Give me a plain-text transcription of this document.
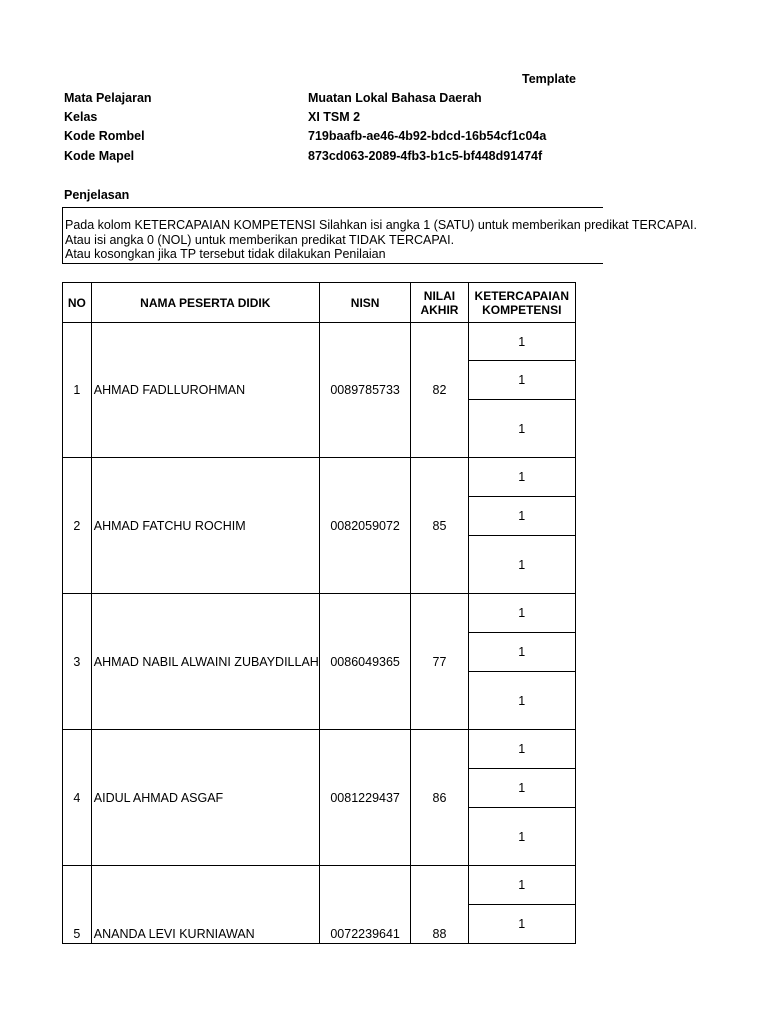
Template
Mata Pelajaran	Muatan Lokal Bahasa Daerah
Kelas	XI TSM 2
Kode Rombel	719baafb-ae46-4b92-bdcd-16b54cf1c04a
Kode Mapel	873cd063-2089-4fb3-b1c5-bf448d91474f
Penjelasan
Pada kolom KETERCAPAIAN KOMPETENSI Silahkan isi angka 1 (SATU) untuk memberikan predikat TERCAPAI.
Atau isi angka 0 (NOL) untuk memberikan predikat TIDAK TERCAPAI.
Atau kosongkan jika TP tersebut tidak dilakukan Penilaian
NO	NAMA PESERTA DIDIK	NISN	NILAI AKHIR	KETERCAPAIAN KOMPETENSI
1	AHMAD FADLLUROHMAN	0089785733	82	1
				1
				1
2	AHMAD FATCHU ROCHIM	0082059072	85	1
				1
				1
3	AHMAD NABIL ALWAINI ZUBAYDILLAH	0086049365	77	1
				1
				1
4	AIDUL AHMAD ASGAF	0081229437	86	1
				1
				1
5	ANANDA LEVI KURNIAWAN	0072239641	88	1
				1
